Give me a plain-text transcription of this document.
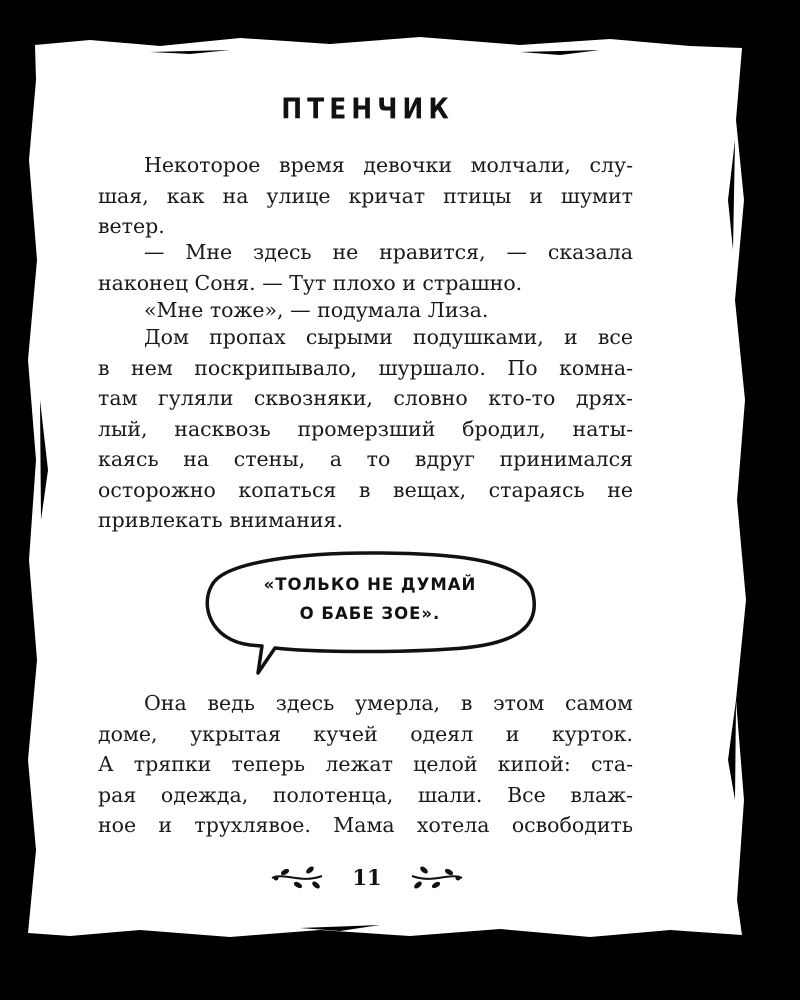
ПТЕНЧИК
Некоторое время девочки молчали, слу-
шая, как на улице кричат птицы и шумит
ветер.
— Мне здесь не нравится, — сказала
наконец Соня. — Тут плохо и страшно.
«Мне тоже», — подумала Лиза.
Дом пропах сырыми подушками, и все
в нем поскрипывало, шуршало. По комна-
там гуляли сквозняки, словно кто-то дрях-
лый, насквозь промерзший бродил, наты-
каясь на стены, а то вдруг принимался
осторожно копаться в вещах, стараясь не
привлекать внимания.
«ТОЛЬКО НЕ ДУМАЙ
О БАБЕ ЗОЕ».
Она ведь здесь умерла, в этом самом
доме, укрытая кучей одеял и курток.
А тряпки теперь лежат целой кипой: ста-
рая одежда, полотенца, шали. Все влаж-
ное и трухлявое. Мама хотела освободить
11
